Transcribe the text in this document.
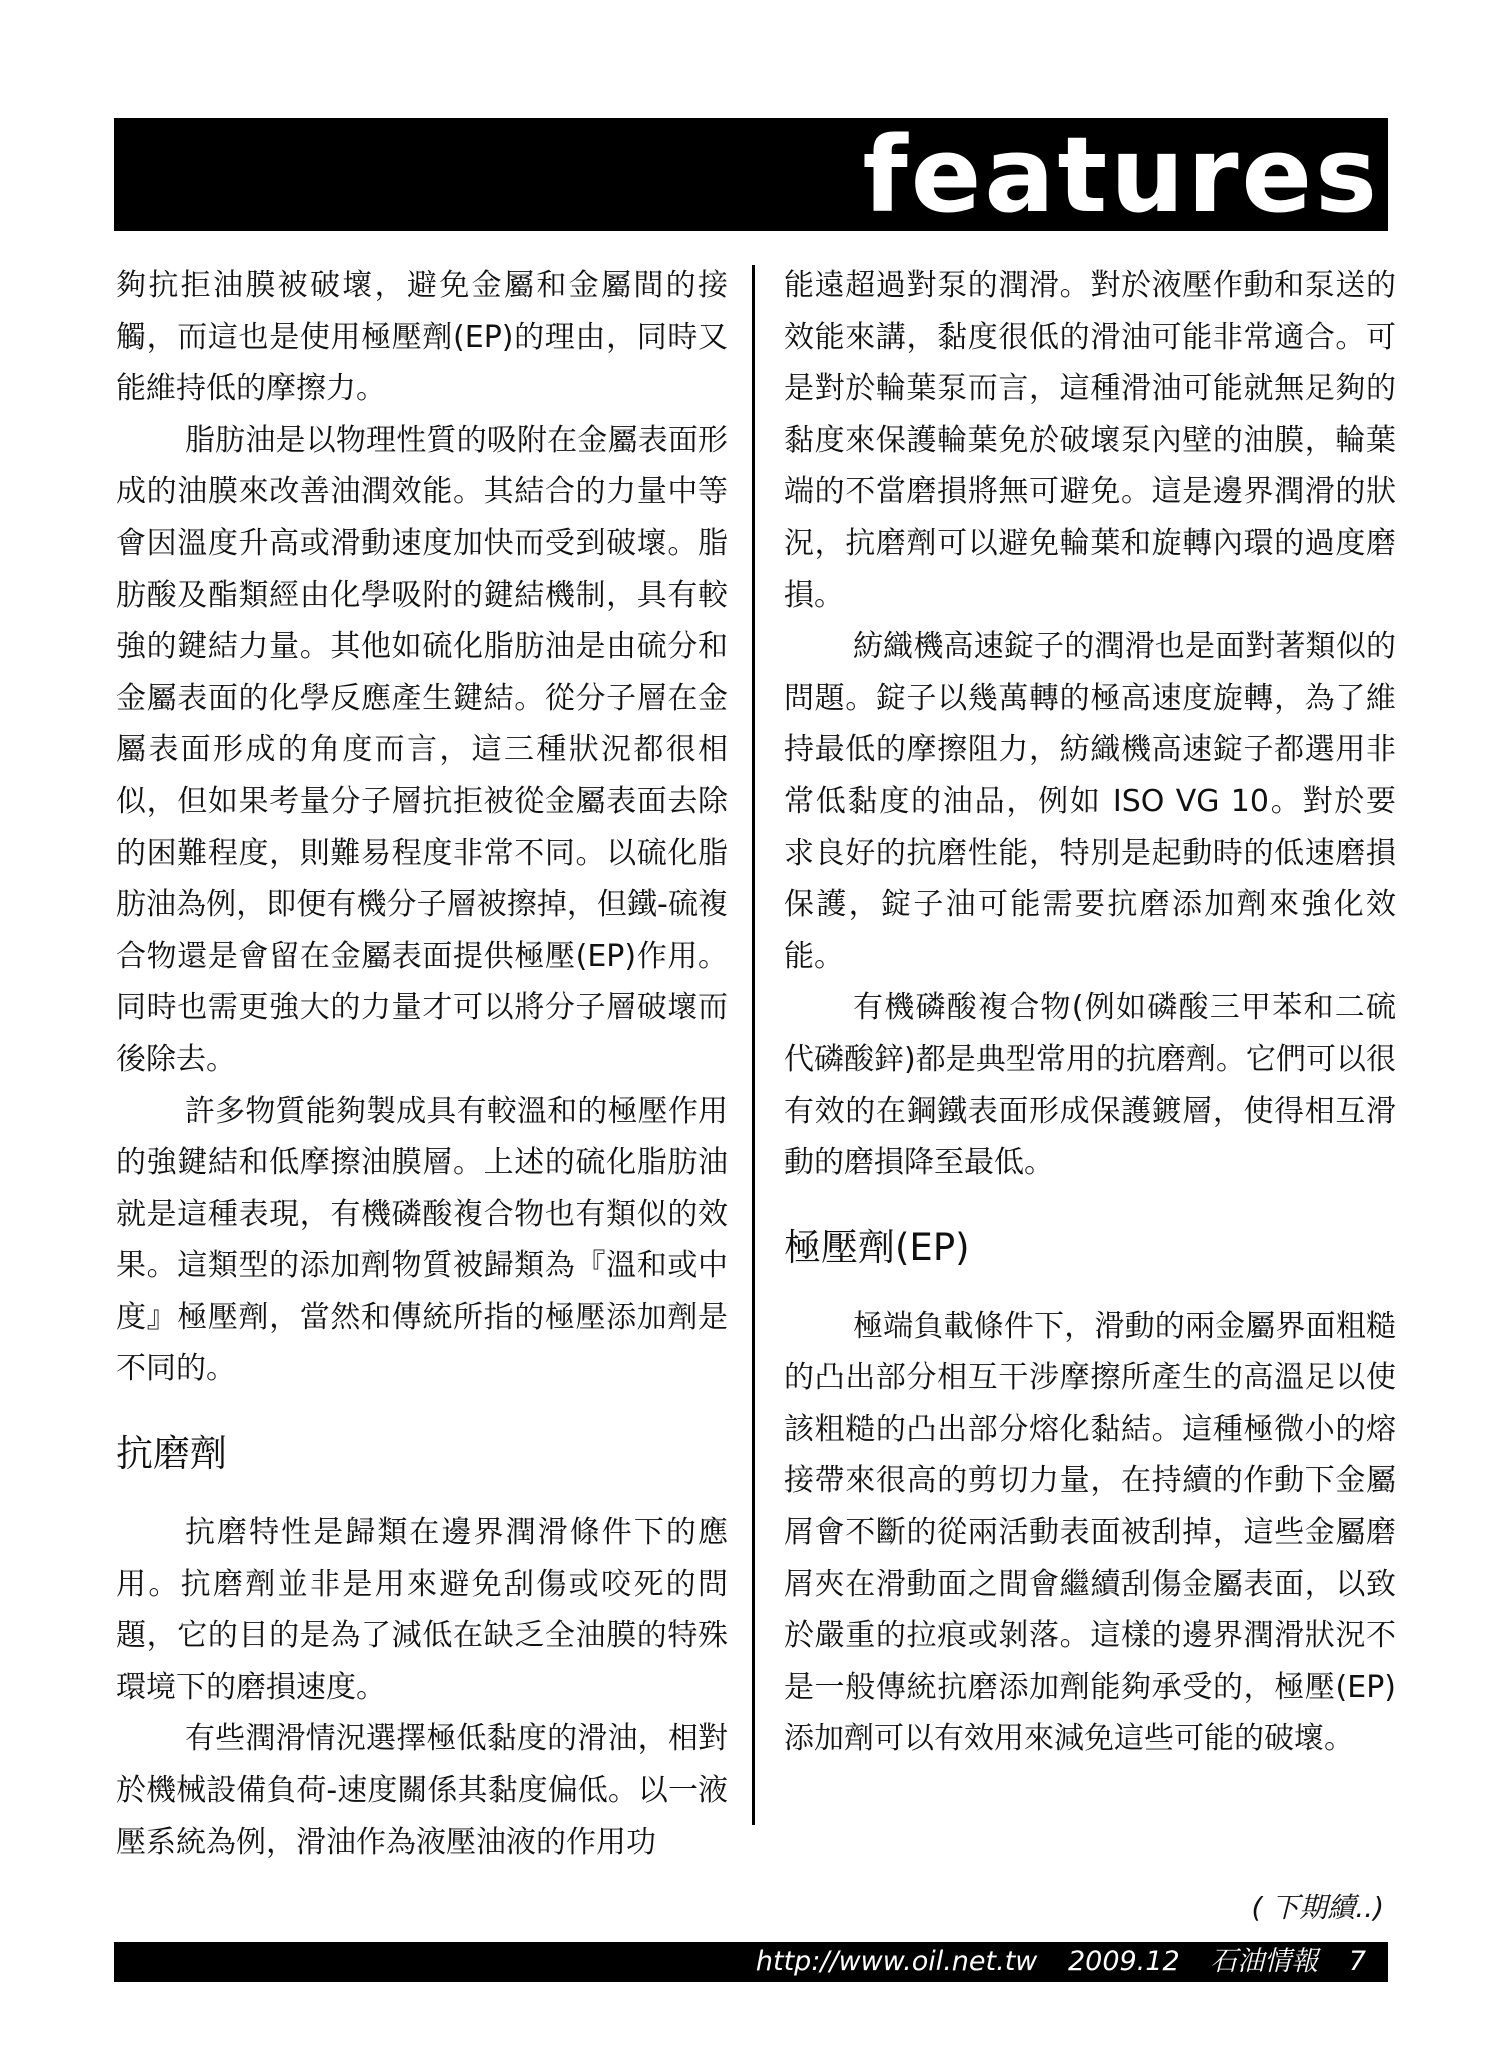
features

夠抗拒油膜被破壞，避免金屬和金屬間的接觸，而這也是使用極壓劑(EP)的理由，同時又能維持低的摩擦力。

脂肪油是以物理性質的吸附在金屬表面形成的油膜來改善油潤效能。其結合的力量中等會因溫度升高或滑動速度加快而受到破壞。脂肪酸及酯類經由化學吸附的鍵結機制，具有較強的鍵結力量。其他如硫化脂肪油是由硫分和金屬表面的化學反應產生鍵結。從分子層在金屬表面形成的角度而言，這三種狀況都很相似，但如果考量分子層抗拒被從金屬表面去除的困難程度，則難易程度非常不同。以硫化脂肪油為例，即便有機分子層被擦掉，但鐵-硫複合物還是會留在金屬表面提供極壓(EP)作用。同時也需更強大的力量才可以將分子層破壞而後除去。

許多物質能夠製成具有較溫和的極壓作用的強鍵結和低摩擦油膜層。上述的硫化脂肪油就是這種表現，有機磷酸複合物也有類似的效果。這類型的添加劑物質被歸類為『溫和或中度』極壓劑，當然和傳統所指的極壓添加劑是不同的。

抗磨劑

抗磨特性是歸類在邊界潤滑條件下的應用。抗磨劑並非是用來避免刮傷或咬死的問題，它的目的是為了減低在缺乏全油膜的特殊環境下的磨損速度。

有些潤滑情況選擇極低黏度的滑油，相對於機械設備負荷-速度關係其黏度偏低。以一液壓系統為例，滑油作為液壓油液的作用功

能遠超過對泵的潤滑。對於液壓作動和泵送的效能來講，黏度很低的滑油可能非常適合。可是對於輪葉泵而言，這種滑油可能就無足夠的黏度來保護輪葉免於破壞泵內壁的油膜，輪葉端的不當磨損將無可避免。這是邊界潤滑的狀況，抗磨劑可以避免輪葉和旋轉內環的過度磨損。

紡織機高速錠子的潤滑也是面對著類似的問題。錠子以幾萬轉的極高速度旋轉，為了維持最低的摩擦阻力，紡織機高速錠子都選用非常低黏度的油品，例如 ISO VG 10。對於要求良好的抗磨性能，特別是起動時的低速磨損保護，錠子油可能需要抗磨添加劑來強化效能。

有機磷酸複合物(例如磷酸三甲苯和二硫代磷酸鋅)都是典型常用的抗磨劑。它們可以很有效的在鋼鐵表面形成保護鍍層，使得相互滑動的磨損降至最低。

極壓劑(EP)

極端負載條件下，滑動的兩金屬界面粗糙的凸出部分相互干涉摩擦所產生的高溫足以使該粗糙的凸出部分熔化黏結。這種極微小的熔接帶來很高的剪切力量，在持續的作動下金屬屑會不斷的從兩活動表面被刮掉，這些金屬磨屑夾在滑動面之間會繼續刮傷金屬表面，以致於嚴重的拉痕或剝落。這樣的邊界潤滑狀況不是一般傳統抗磨添加劑能夠承受的，極壓(EP)添加劑可以有效用來減免這些可能的破壞。

( 下期續..)
http://www.oil.net.tw 2009.12 石油情報 7
